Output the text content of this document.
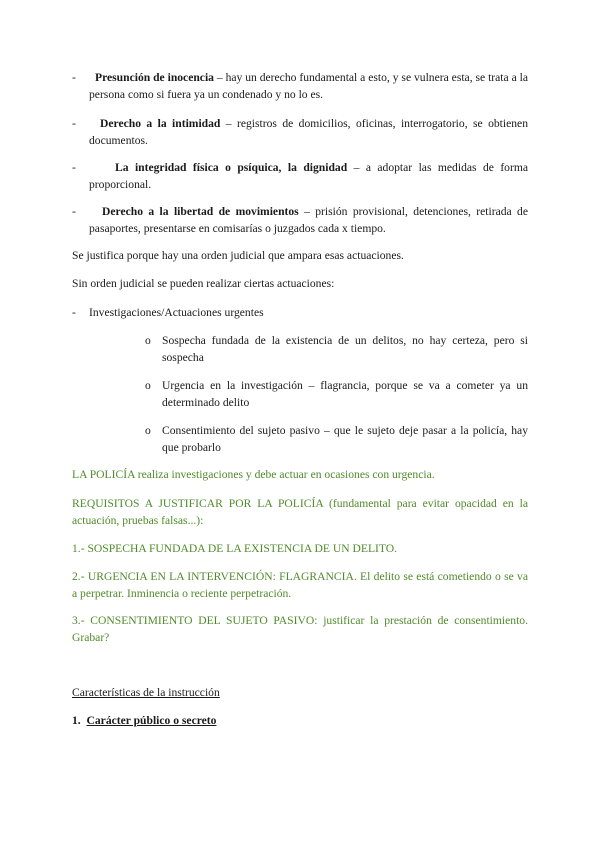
-	Presunción de inocencia – hay un derecho fundamental a esto, y se vulnera esta, se trata a la persona como si fuera ya un condenado y no lo es.

-	Derecho a la intimidad – registros de domicilios, oficinas, interrogatorio, se obtienen documentos.

-	La integridad física o psíquica, la dignidad – a adoptar las medidas de forma proporcional.

-	Derecho a la libertad de movimientos – prisión provisional, detenciones, retirada de pasaportes, presentarse en comisarías o juzgados cada x tiempo.

Se justifica porque hay una orden judicial que ampara esas actuaciones.

Sin orden judicial se pueden realizar ciertas actuaciones:

- Investigaciones/Actuaciones urgentes

o Sospecha fundada de la existencia de un delitos, no hay certeza, pero si sospecha

o Urgencia en la investigación – flagrancia, porque se va a cometer ya un determinado delito

o Consentimiento del sujeto pasivo – que le sujeto deje pasar a la policía, hay que probarlo

LA POLICÍA realiza investigaciones y debe actuar en ocasiones con urgencia.

REQUISITOS A JUSTIFICAR POR LA POLICÍA (fundamental para evitar opacidad en la actuación, pruebas falsas...):

1.- SOSPECHA FUNDADA DE LA EXISTENCIA DE UN DELITO.

2.- URGENCIA EN LA INTERVENCIÓN: FLAGRANCIA. El delito se está cometiendo o se va a perpetrar. Inminencia o reciente perpetración.

3.- CONSENTIMIENTO DEL SUJETO PASIVO: justificar la prestación de consentimiento. Grabar?

Características de la instrucción

1. Carácter público o secreto
